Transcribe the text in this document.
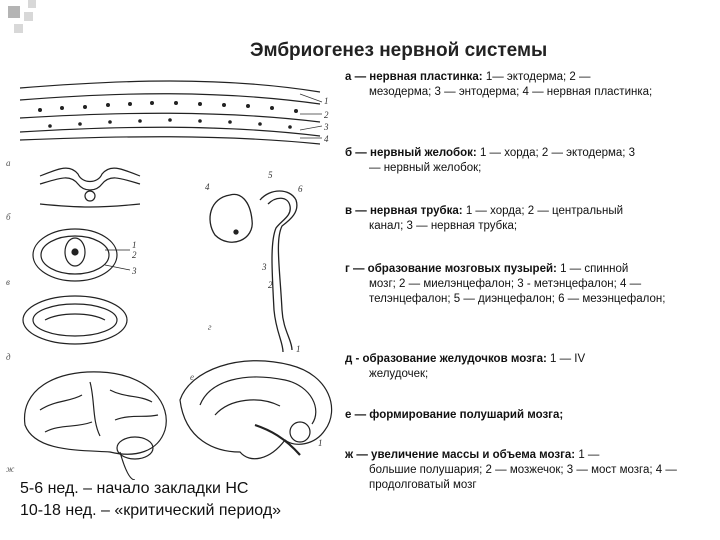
Эмбриогенез нервной системы
а — нервная пластинка: 1— эктодерма; 2 —
мезодерма; 3 — энтодерма; 4 — нервная пластинка;
б — нервный желобок: 1 — хорда; 2 — эктодерма; 3
— нервный желобок;
в — нервная трубка: 1 — хорда; 2 — центральный
канал; 3 — нервная трубка;
г — образование мозговых пузырей: 1 — спинной
мозг; 2 — миелэнцефалон; 3 - метэнцефалон; 4 — телэнцефалон; 5 — диэнцефалон; 6 — мезэнцефалон;
д - образование желудочков мозга: 1 — IV
желудочек;
е — формирование полушарий мозга;
ж — увеличение массы и объема мозга: 1 —
большие полушария; 2 — мозжечок; 3 — мост мозга; 4 — продолговатый мозг
а
б
в
г
д
е
ж
1
2
3
4
1
2
3
1
2
3
4
5
6
1
5-6 нед. – начало закладки НС
10-18 нед. – «критический период»
